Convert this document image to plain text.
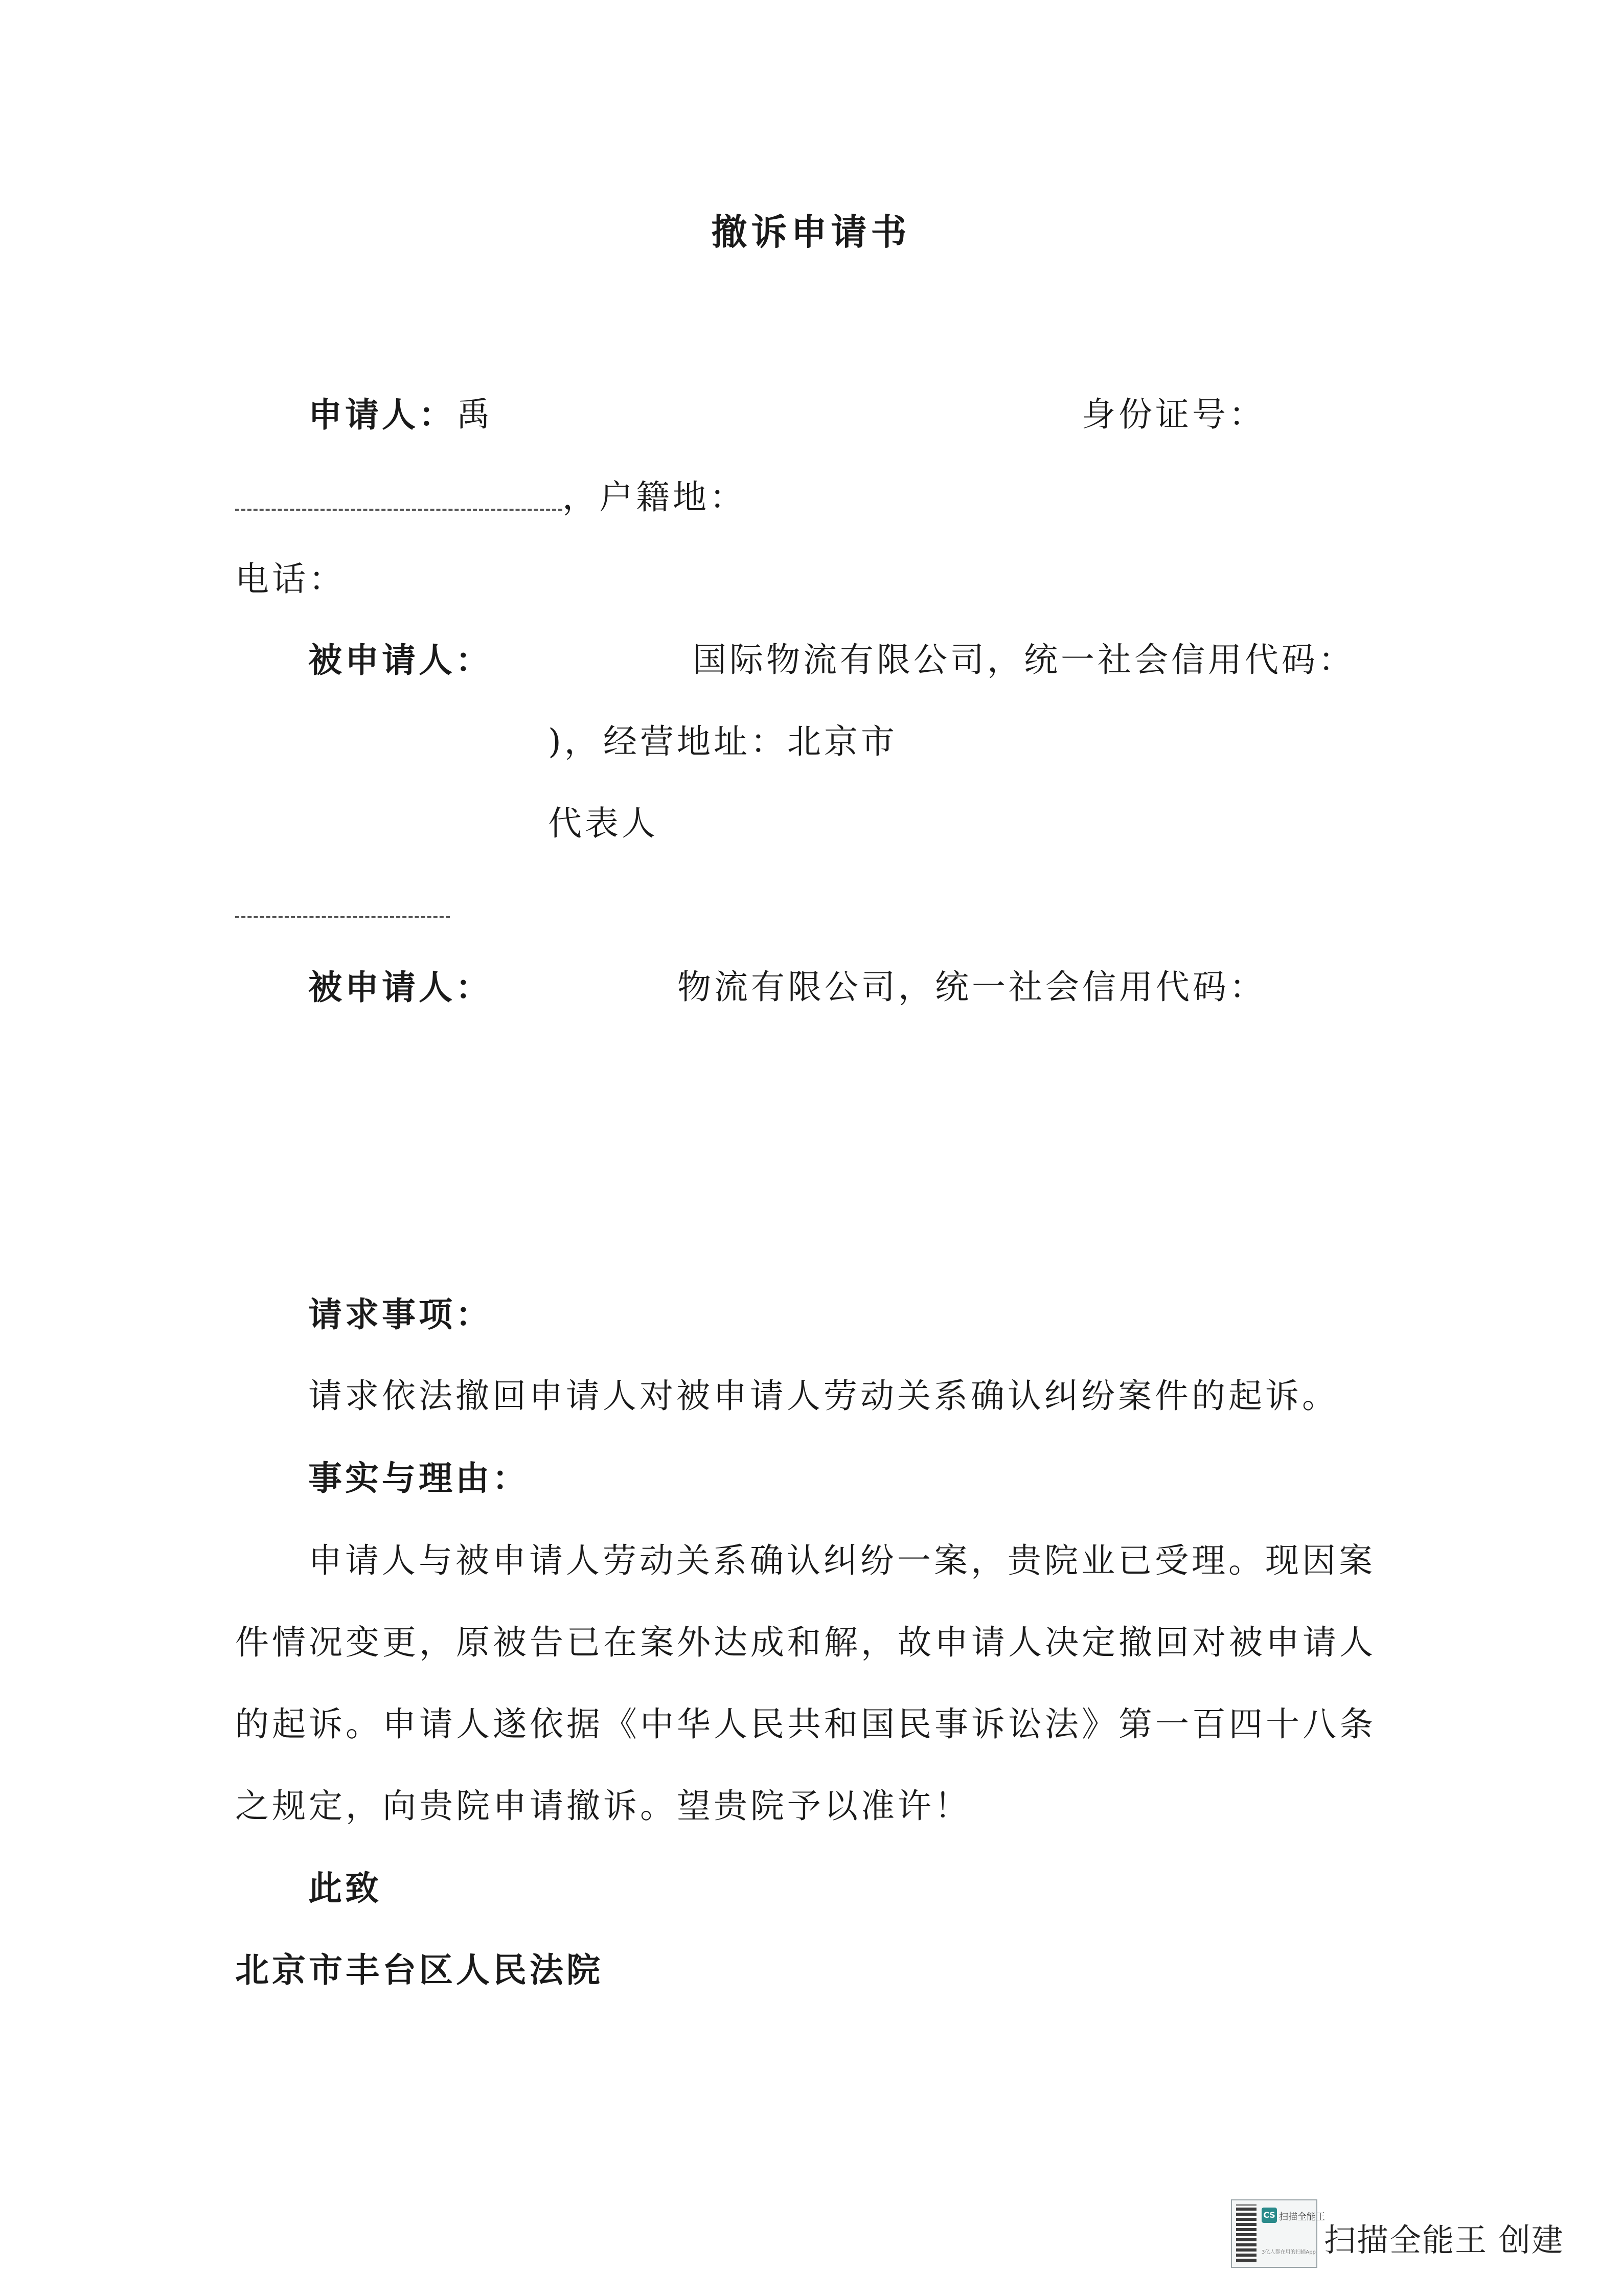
撤诉申请书
申请人： 禹	身份证号：
，户籍地：
电话：
被申请人：	国际物流有限公司，统一社会信用代码：
)， 经营地址：北京市
代表人
被申请人：	物流有限公司，统一社会信用代码：
请求事项：
请求依法撤回申请人对被申请人劳动关系确认纠纷案件的起诉。
事实与理由：
申请人与被申请人劳动关系确认纠纷一案，贵院业已受理。现因案
件情况变更，原被告已在案外达成和解，故申请人决定撤回对被申请人
的起诉。申请人遂依据《中华人民共和国民事诉讼法》第一百四十八条
之规定，向贵院申请撤诉。望贵院予以准许！
此致
北京市丰台区人民法院
CS 扫描全能王
3亿人都在用的扫描App 扫描全能王 创建
